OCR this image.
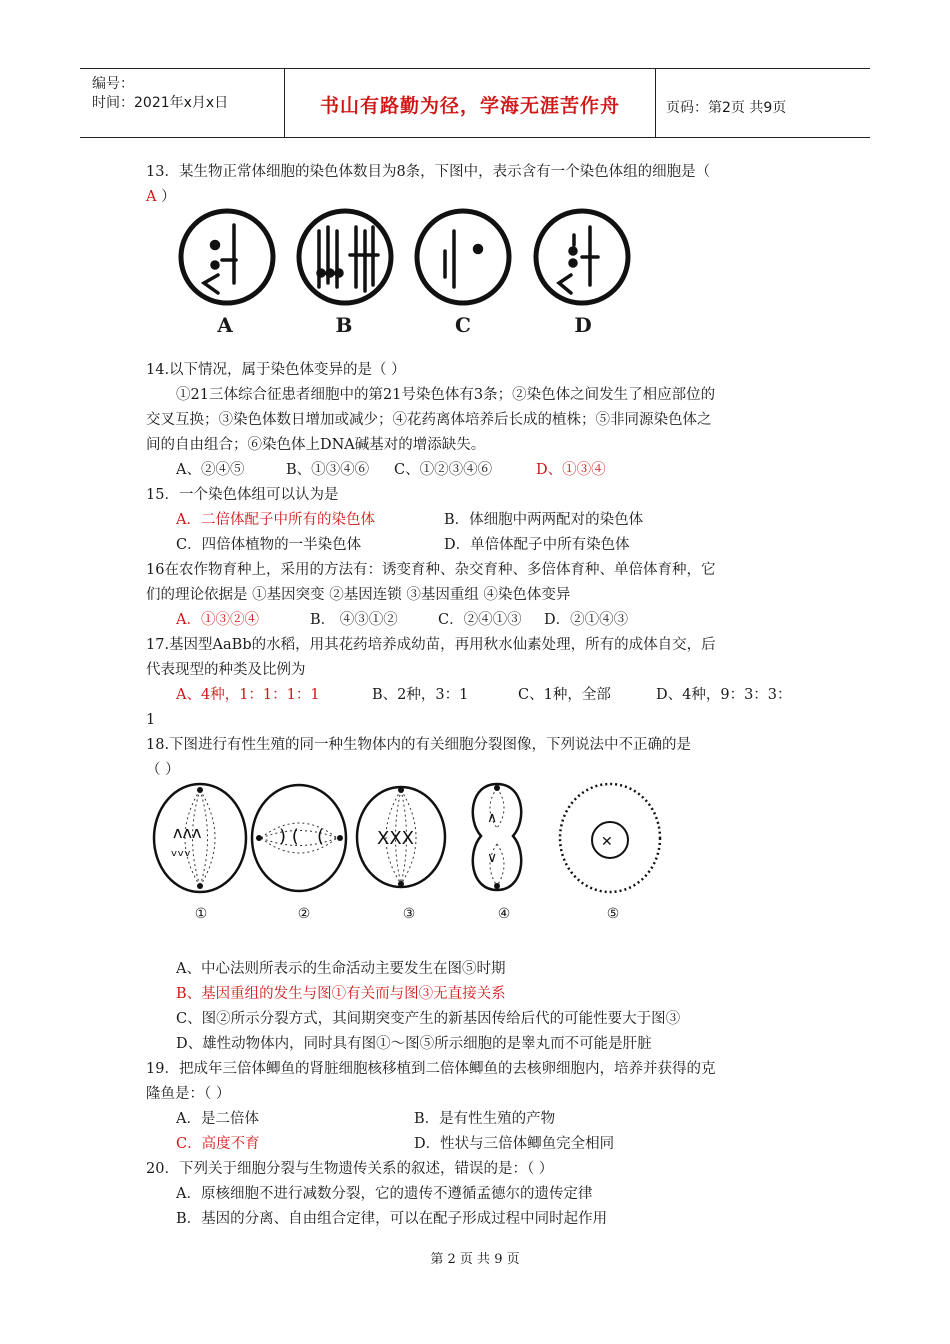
编号：
时间：2021年x月x日	书山有路勤为径，学海无涯苦作舟	页码：第2页 共9页
13．某生物正常体细胞的染色体数目为8条，下图中，表示含有一个染色体组的细胞是（
A ）
A	B	C	D
14.以下情况，属于染色体变异的是（ ）
①21三体综合征患者细胞中的第21号染色体有3条；②染色体之间发生了相应部位的
交叉互换；③染色体数日增加或减少；④花药离体培养后长成的植株；⑤非同源染色体之
间的自由组合；⑥染色体上DNA碱基对的增添缺失。
A、②④⑤	B、①③④⑥ C、①②③④⑥	D、①③④
15．一个染色体组可以认为是
A．二倍体配子中所有的染色体	B．体细胞中两两配对的染色体
C．四倍体植物的一半染色体	D．单倍体配子中所有染色体
16在农作物育种上，采用的方法有：诱变育种、杂交育种、多倍体育种、单倍体育种，它
们的理论依据是 ①基因突变 ②基因连锁 ③基因重组 ④染色体变异
A．①③②④	B． ④③①②	C．②④①③ D．②①④③
17.基因型AaBb的水稻，用其花药培养成幼苗，再用秋水仙素处理，所有的成体自交，后
代表现型的种类及比例为
A、4种，1：1：1：1	B、2种，3：1	C、1种，全部	D、4种，9：3：3：
1
18.下图进行有性生殖的同一种生物体内的有关细胞分裂图像，下列说法中不正确的是
（ ）
ᴧᴧᴧ
ᵥᵥᵥ
) ( (	XXX
∧
∨
✕
①	②	③	④	⑤
A、中心法则所表示的生命活动主要发生在图⑤时期
B、基因重组的发生与图①有关而与图③无直接关系
C、图②所示分裂方式，其间期突变产生的新基因传给后代的可能性要大于图③
D、雄性动物体内，同时具有图①～图⑤所示细胞的是睾丸而不可能是肝脏
19．把成年三倍体鲫鱼的肾脏细胞核移植到二倍体鲫鱼的去核卵细胞内，培养并获得的克
隆鱼是：（ ）
A．是二倍体	B．是有性生殖的产物
C．高度不育	D．性状与三倍体鲫鱼完全相同
20．下列关于细胞分裂与生物遗传关系的叙述，错误的是：（ ）
A．原核细胞不进行减数分裂，它的遗传不遵循孟德尔的遗传定律
B．基因的分离、自由组合定律，可以在配子形成过程中同时起作用
第 2 页 共 9 页
